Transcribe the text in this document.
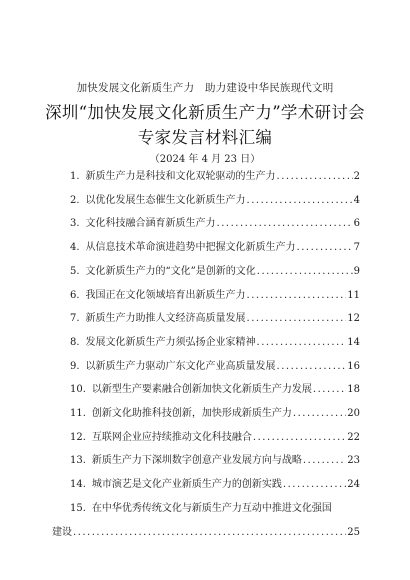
加快发展文化新质生产力　助力建设中华民族现代文明
深圳“加快发展文化新质生产力”学术研讨会
专家发言材料汇编
（2024 年 4 月 23 日）
1. 新质生产力是科技和文化双轮驱动的生产力 .....	2
2. 以优化发展生态催生文化新质生产力 .....	4
3. 文化科技融合涵育新质生产力 .....	6
4. 从信息技术革命演进趋势中把握文化新质生产力 .....	7
5. 文化新质生产力的“文化”是创新的文化 .....	9
6. 我国正在文化领域培育出新质生产力 .....	11
7. 新质生产力助推人文经济高质量发展 .....	12
8. 发展文化新质生产力须弘扬企业家精神 .....	14
9. 以新质生产力驱动广东文化产业高质量发展 .....	16
10. 以新型生产要素融合创新加快文化新质生产力发展 .....	18
11. 创新文化助推科技创新，加快形成新质生产力 .....	20
12. 互联网企业应持续推动文化科技融合 .....	22
13. 新质生产力下深圳数字创意产业发展方向与战略 .....	23
14. 城市演艺是文化产业新质生产力的创新实践 .....	24
15. 在中华优秀传统文化与新质生产力互动中推进文化强国
建设 .....	25
